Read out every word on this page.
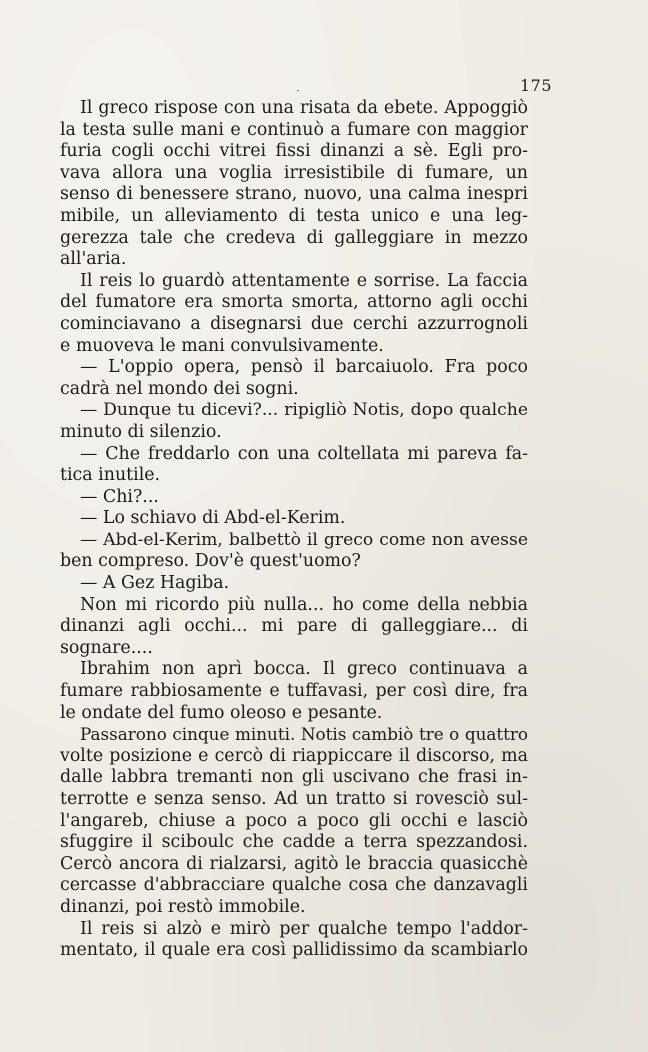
175
Il greco rispose con una risata da ebete. Appoggiò
la testa sulle mani e continuò a fumare con maggior
furia cogli occhi vitrei fissi dinanzi a sè. Egli pro-
vava allora una voglia irresistibile di fumare, un
senso di benessere strano, nuovo, una calma inespri
mibile, un alleviamento di testa unico e una leg-
gerezza tale che credeva di galleggiare in mezzo
all'aria.
Il reis lo guardò attentamente e sorrise. La faccia
del fumatore era smorta smorta, attorno agli occhi
cominciavano a disegnarsi due cerchi azzurrognoli
e muoveva le mani convulsivamente.
— L'oppio opera, pensò il barcaiuolo. Fra poco
cadrà nel mondo dei sogni.
— Dunque tu dicevi?... ripigliò Notis, dopo qualche
minuto di silenzio.
— Che freddarlo con una coltellata mi pareva fa-
tica inutile.
— Chi?...
— Lo schiavo di Abd-el-Kerim.
— Abd-el-Kerim, balbettò il greco come non avesse
ben compreso. Dov'è quest'uomo?
— A Gez Hagiba.
Non mi ricordo più nulla... ho come della nebbia
dinanzi agli occhi... mi pare di galleggiare... di
sognare....
Ibrahim non aprì bocca. Il greco continuava a
fumare rabbiosamente e tuffavasi, per così dire, fra
le ondate del fumo oleoso e pesante.
Passarono cinque minuti. Notis cambiò tre o quattro
volte posizione e cercò di riappiccare il discorso, ma
dalle labbra tremanti non gli uscivano che frasi in-
terrotte e senza senso. Ad un tratto si rovesciò sul-
l'angareb, chiuse a poco a poco gli occhi e lasciò
sfuggire il sciboulc che cadde a terra spezzandosi.
Cercò ancora di rialzarsi, agitò le braccia quasicchè
cercasse d'abbracciare qualche cosa che danzavagli
dinanzi, poi restò immobile.
Il reis si alzò e mirò per qualche tempo l'addor-
mentato, il quale era così pallidissimo da scambiarlo
·
